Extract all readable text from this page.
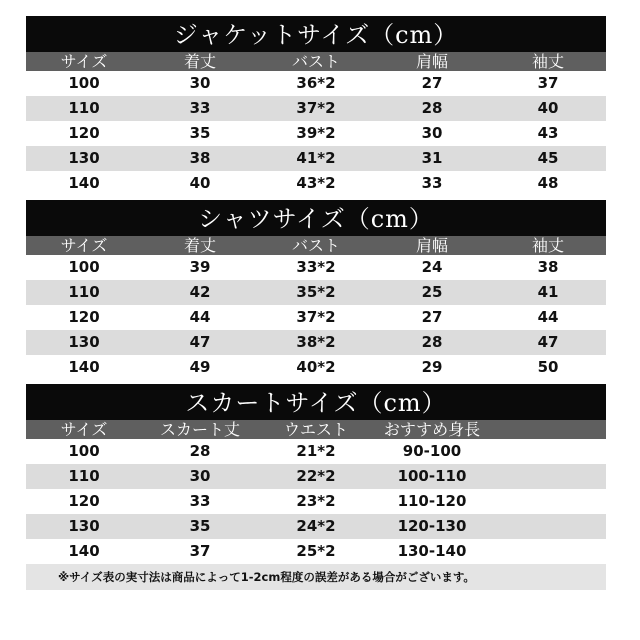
ジャケットサイズ（cm）
サイズ	着丈	バスト	肩幅	袖丈
100	30	36*2	27	37
110	33	37*2	28	40
120	35	39*2	30	43
130	38	41*2	31	45
140	40	43*2	33	48
シャツサイズ（cm）
サイズ	着丈	バスト	肩幅	袖丈
100	39	33*2	24	38
110	42	35*2	25	41
120	44	37*2	27	44
130	47	38*2	28	47
140	49	40*2	29	50
スカートサイズ（cm）
サイズ	スカート丈	ウエスト	おすすめ身長
100	28	21*2	90-100
110	30	22*2	100-110
120	33	23*2	110-120
130	35	24*2	120-130
140	37	25*2	130-140
※サイズ表の実寸法は商品によって1-2cm程度の誤差がある場合がございます。
